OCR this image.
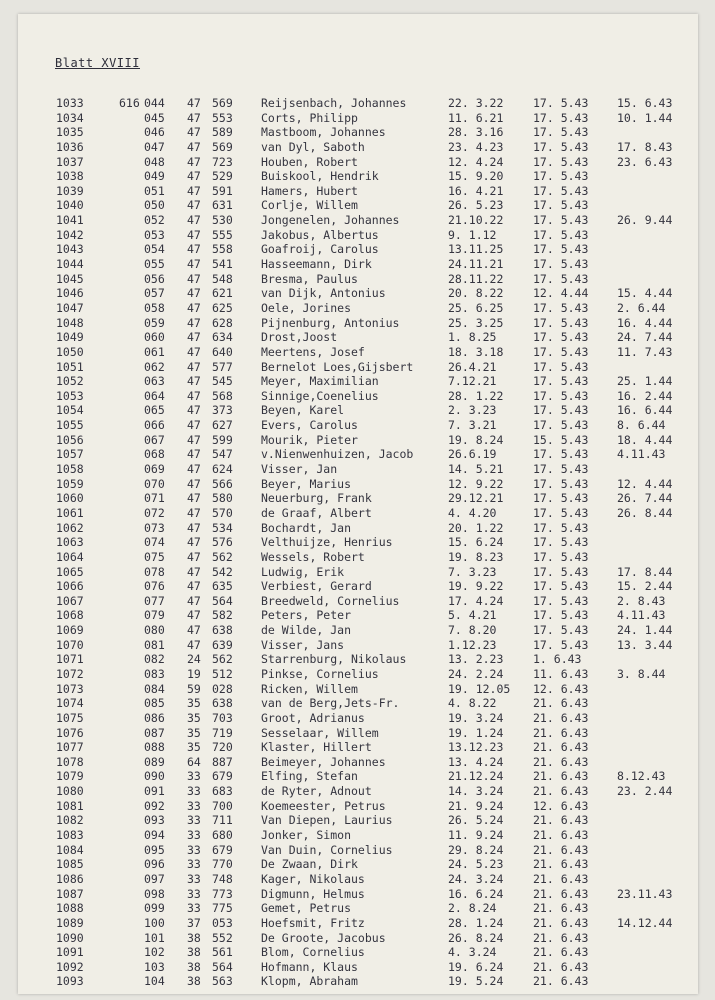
Blatt XVIII
1033	616 044 47 569 Reijsenbach, Johannes	22. 3.22	17. 5.43 15. 6.43
1034	045 47 553 Corts, Philipp	11. 6.21	17. 5.43 10. 1.44
1035	046 47 589 Mastboom, Johannes	28. 3.16	17. 5.43
1036	047 47 569 van Dyl, Saboth	23. 4.23	17. 5.43 17. 8.43
1037	048 47 723 Houben, Robert	12. 4.24	17. 5.43 23. 6.43
1038	049 47 529 Buiskool, Hendrik	15. 9.20	17. 5.43
1039	051 47 591 Hamers, Hubert	16. 4.21	17. 5.43
1040	050 47 631 Corlje, Willem	26. 5.23	17. 5.43
1041	052 47 530 Jongenelen, Johannes	21.10.22	17. 5.43 26. 9.44
1042	053 47 555 Jakobus, Albertus	9. 1.12	17. 5.43
1043	054 47 558 Goafroij, Carolus	13.11.25	17. 5.43
1044	055 47 541 Hasseemann, Dirk	24.11.21	17. 5.43
1045	056 47 548 Bresma, Paulus	28.11.22	17. 5.43
1046	057 47 621 van Dijk, Antonius	20. 8.22	12. 4.44 15. 4.44
1047	058 47 625 Oele, Jorines	25. 6.25	17. 5.43 2. 6.44
1048	059 47 628 Pijnenburg, Antonius	25. 3.25	17. 5.43 16. 4.44
1049	060 47 634 Drost,Joost	1. 8.25	17. 5.43 24. 7.44
1050	061 47 640 Meertens, Josef	18. 3.18	17. 5.43 11. 7.43
1051	062 47 577 Bernelot Loes,Gijsbert	26.4.21	17. 5.43
1052	063 47 545 Meyer, Maximilian	7.12.21	17. 5.43 25. 1.44
1053	064 47 568 Sinnige,Coenelius	28. 1.22	17. 5.43 16. 2.44
1054	065 47 373 Beyen, Karel	2. 3.23	17. 5.43 16. 6.44
1055	066 47 627 Evers, Carolus	7. 3.21	17. 5.43 8. 6.44
1056	067 47 599 Mourik, Pieter	19. 8.24	15. 5.43 18. 4.44
1057	068 47 547 v.Nienwenhuizen, Jacob	26.6.19	17. 5.43 4.11.43
1058	069 47 624 Visser, Jan	14. 5.21	17. 5.43
1059	070 47 566 Beyer, Marius	12. 9.22	17. 5.43 12. 4.44
1060	071 47 580 Neuerburg, Frank	29.12.21	17. 5.43 26. 7.44
1061	072 47 570 de Graaf, Albert	4. 4.20	17. 5.43 26. 8.44
1062	073 47 534 Bochardt, Jan	20. 1.22	17. 5.43
1063	074 47 576 Velthuijze, Henrius	15. 6.24	17. 5.43
1064	075 47 562 Wessels, Robert	19. 8.23	17. 5.43
1065	078 47 542 Ludwig, Erik	7. 3.23	17. 5.43 17. 8.44
1066	076 47 635 Verbiest, Gerard	19. 9.22	17. 5.43 15. 2.44
1067	077 47 564 Breedweld, Cornelius	17. 4.24	17. 5.43 2. 8.43
1068	079 47 582 Peters, Peter	5. 4.21	17. 5.43 4.11.43
1069	080 47 638 de Wilde, Jan	7. 8.20	17. 5.43 24. 1.44
1070	081 47 639 Visser, Jans	1.12.23	17. 5.43 13. 3.44
1071	082 24 562 Starrenburg, Nikolaus	13. 2.23	1. 6.43
1072	083 19 512 Pinkse, Cornelius	24. 2.24	11. 6.43 3. 8.44
1073	084 59 028 Ricken, Willem	19. 12.05 12. 6.43
1074	085 35 638 van de Berg,Jets-Fr.	4. 8.22	21. 6.43
1075	086 35 703 Groot, Adrianus	19. 3.24	21. 6.43
1076	087 35 719 Sesselaar, Willem	19. 1.24	21. 6.43
1077	088 35 720 Klaster, Hillert	13.12.23	21. 6.43
1078	089 64 887 Beimeyer, Johannes	13. 4.24	21. 6.43
1079	090 33 679 Elfing, Stefan	21.12.24	21. 6.43 8.12.43
1080	091 33 683 de Ryter, Adnout	14. 3.24	21. 6.43 23. 2.44
1081	092 33 700 Koemeester, Petrus	21. 9.24	12. 6.43
1082	093 33 711 Van Diepen, Laurius	26. 5.24	21. 6.43
1083	094 33 680 Jonker, Simon	11. 9.24	21. 6.43
1084	095 33 679 Van Duin, Cornelius	29. 8.24	21. 6.43
1085	096 33 770 De Zwaan, Dirk	24. 5.23	21. 6.43
1086	097 33 748 Kager, Nikolaus	24. 3.24	21. 6.43
1087	098 33 773 Digmunn, Helmus	16. 6.24	21. 6.43 23.11.43
1088	099 33 775 Gemet, Petrus	2. 8.24	21. 6.43
1089	100 37 053 Hoefsmit, Fritz	28. 1.24	21. 6.43 14.12.44
1090	101 38 552 De Groote, Jacobus	26. 8.24	21. 6.43
1091	102 38 561 Blom, Cornelius	4. 3.24	21. 6.43
1092	103 38 564 Hofmann, Klaus	19. 6.24	21. 6.43
1093	104 38 563 Klopm, Abraham	19. 5.24	21. 6.43
